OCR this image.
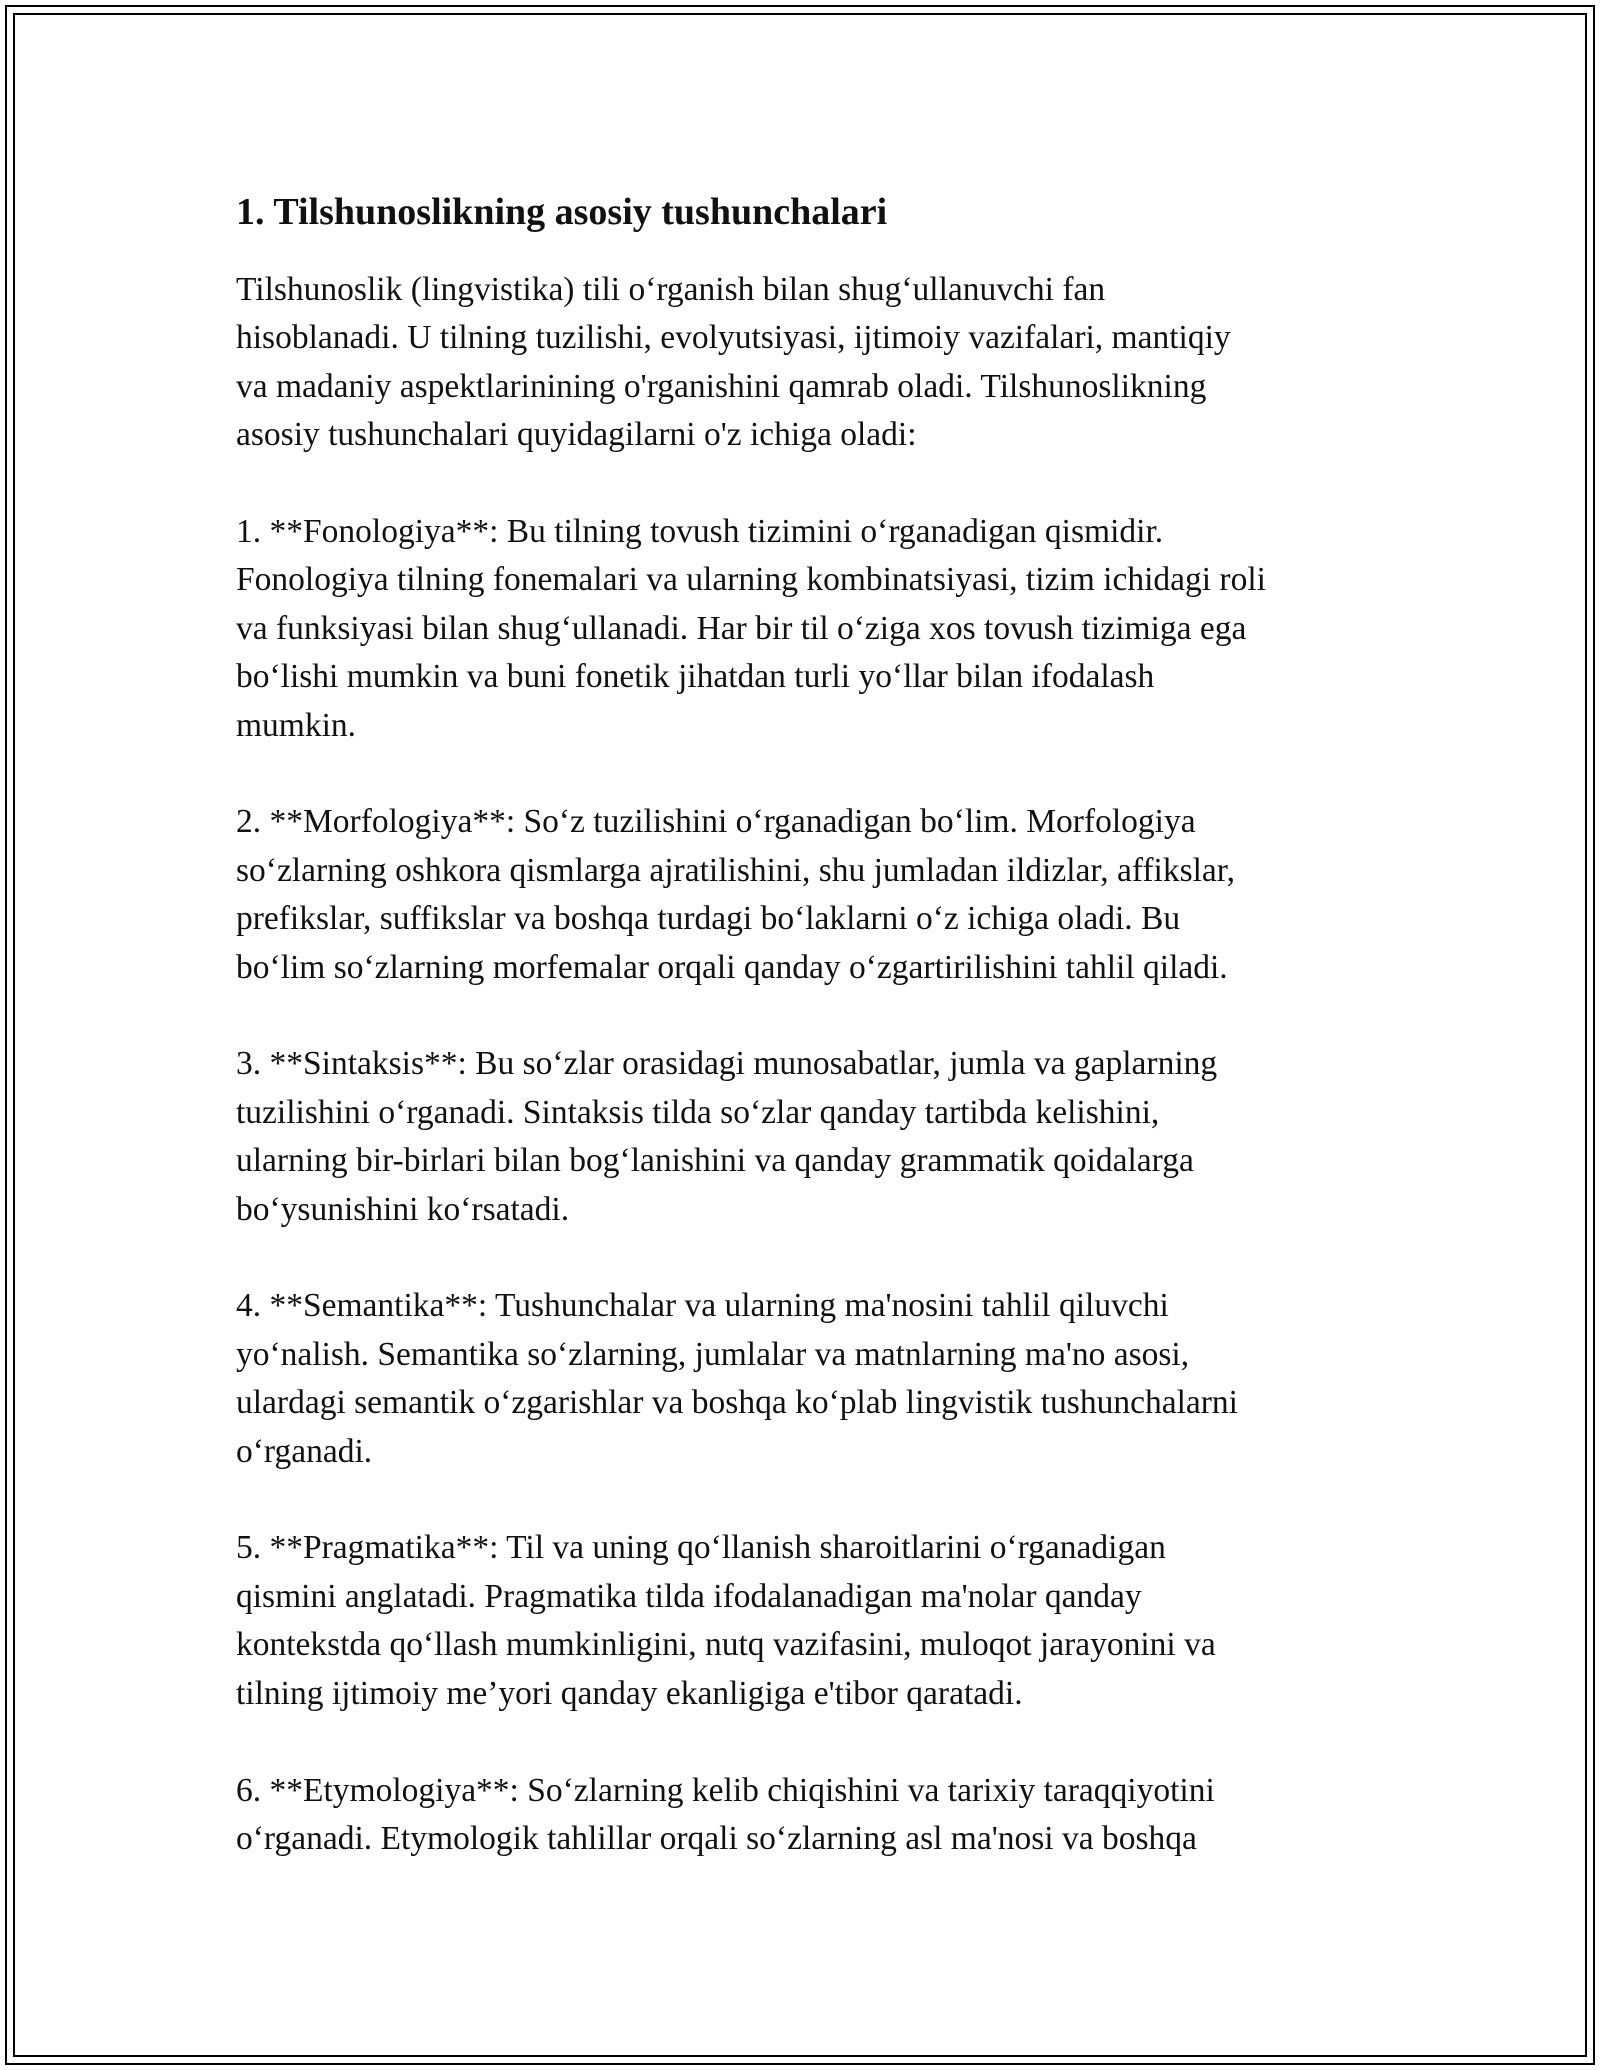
1. Tilshunoslikning asosiy tushunchalari
Tilshunoslik (lingvistika) tili o‘rganish bilan shug‘ullanuvchi fan
hisoblanadi. U tilning tuzilishi, evolyutsiyasi, ijtimoiy vazifalari, mantiqiy
va madaniy aspektlarinining o'rganishini qamrab oladi. Tilshunoslikning
asosiy tushunchalari quyidagilarni o'z ichiga oladi:
1. **Fonologiya**: Bu tilning tovush tizimini o‘rganadigan qismidir.
Fonologiya tilning fonemalari va ularning kombinatsiyasi, tizim ichidagi roli
va funksiyasi bilan shug‘ullanadi. Har bir til o‘ziga xos tovush tizimiga ega
bo‘lishi mumkin va buni fonetik jihatdan turli yo‘llar bilan ifodalash
mumkin.
2. **Morfologiya**: So‘z tuzilishini o‘rganadigan bo‘lim. Morfologiya
so‘zlarning oshkora qismlarga ajratilishini, shu jumladan ildizlar, affikslar,
prefikslar, suffikslar va boshqa turdagi bo‘laklarni o‘z ichiga oladi. Bu
bo‘lim so‘zlarning morfemalar orqali qanday o‘zgartirilishini tahlil qiladi.
3. **Sintaksis**: Bu so‘zlar orasidagi munosabatlar, jumla va gaplarning
tuzilishini o‘rganadi. Sintaksis tilda so‘zlar qanday tartibda kelishini,
ularning bir-birlari bilan bog‘lanishini va qanday grammatik qoidalarga
bo‘ysunishini ko‘rsatadi.
4. **Semantika**: Tushunchalar va ularning ma'nosini tahlil qiluvchi
yo‘nalish. Semantika so‘zlarning, jumlalar va matnlarning ma'no asosi,
ulardagi semantik o‘zgarishlar va boshqa ko‘plab lingvistik tushunchalarni
o‘rganadi.
5. **Pragmatika**: Til va uning qo‘llanish sharoitlarini o‘rganadigan
qismini anglatadi. Pragmatika tilda ifodalanadigan ma'nolar qanday
kontekstda qo‘llash mumkinligini, nutq vazifasini, muloqot jarayonini va
tilning ijtimoiy me’yori qanday ekanligiga e'tibor qaratadi.
6. **Etymologiya**: So‘zlarning kelib chiqishini va tarixiy taraqqiyotini
o‘rganadi. Etymologik tahlillar orqali so‘zlarning asl ma'nosi va boshqa
